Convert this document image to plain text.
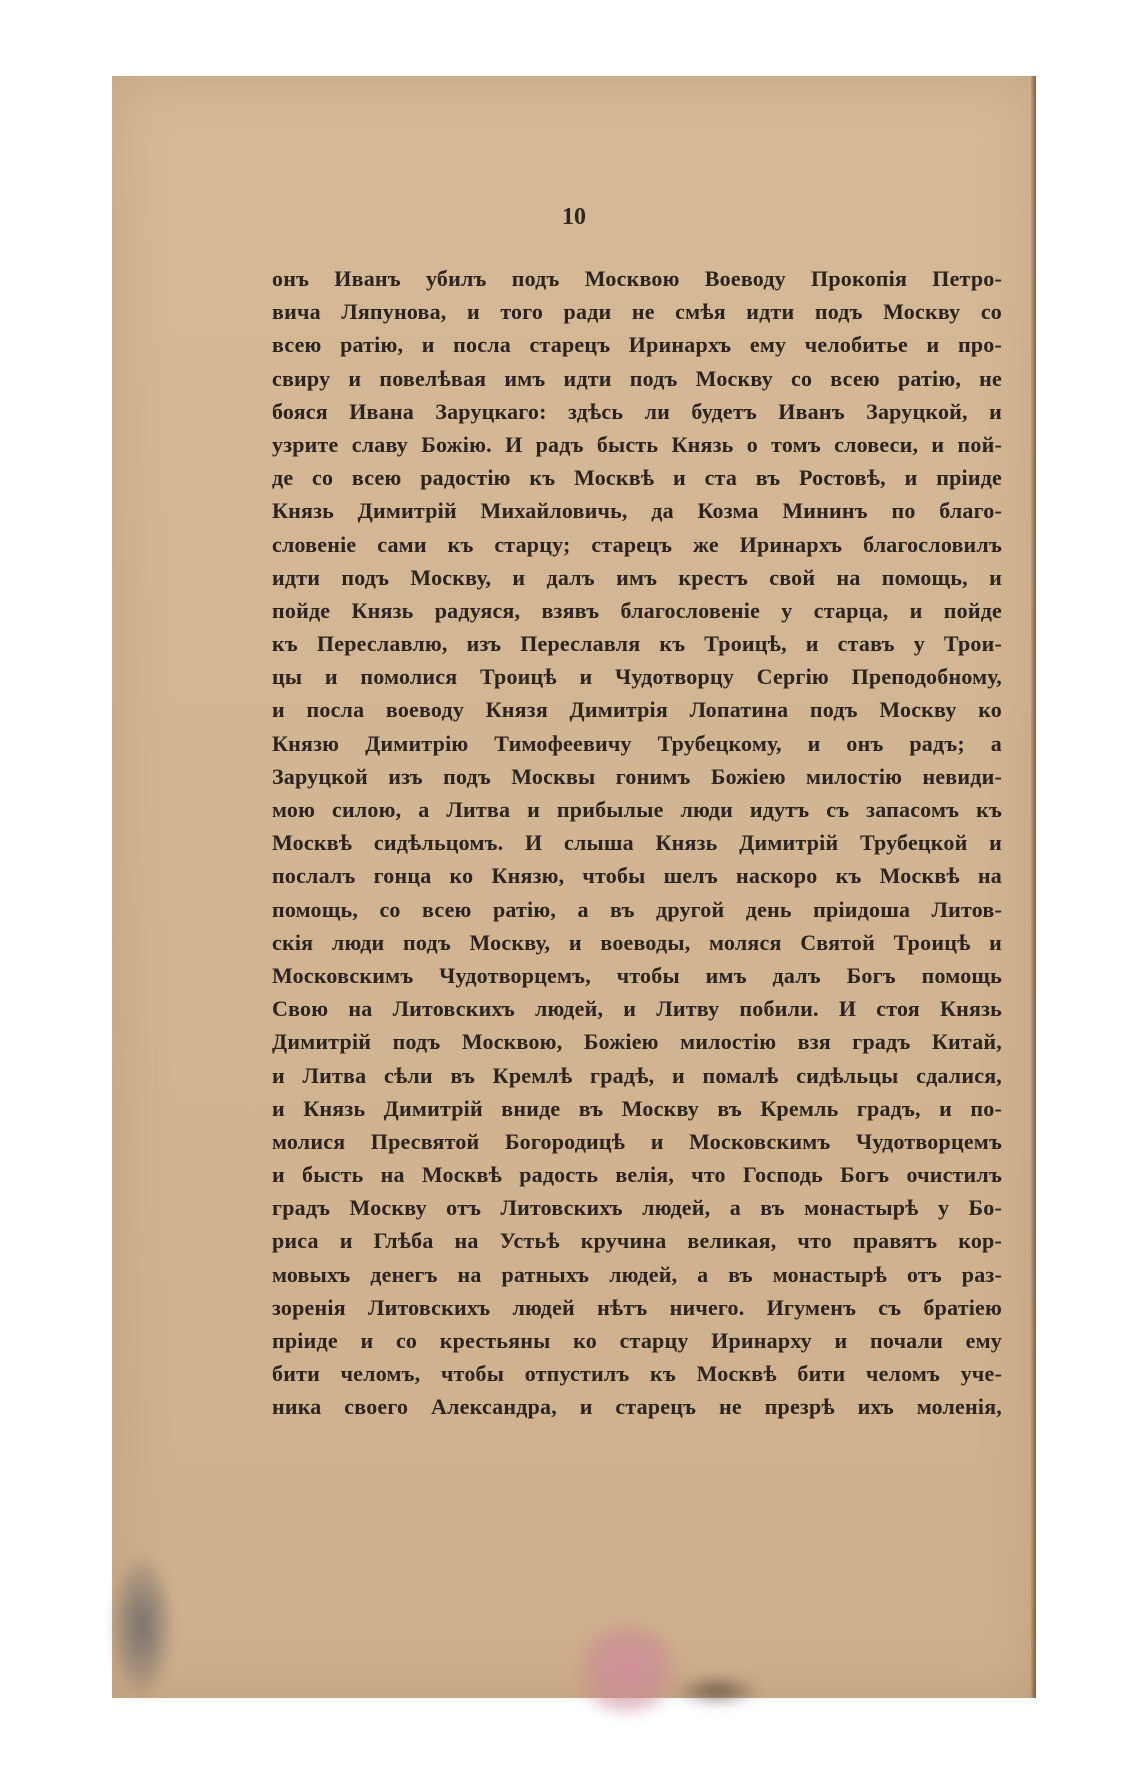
10
онъ Иванъ убилъ подъ Москвою Воеводу Прокопія Петро-
вича Ляпунова, и того ради не смѣя идти подъ Москву со
всею ратію, и посла старецъ Иринархъ ему челобитье и про-
свиру и повелѣвая имъ идти подъ Москву со всею ратію, не
бояся Ивана Заруцкаго: здѣсь ли будетъ Иванъ Заруцкой, и
узрите славу Божію. И радъ бысть Князь о томъ словеси, и пой-
де со всею радостію къ Москвѣ и ста въ Ростовѣ, и пріиде
Князь Димитрій Михайловичь, да Козма Мининъ по благо-
словеніе сами къ старцу; старецъ же Иринархъ благословилъ
идти подъ Москву, и далъ имъ крестъ свой на помощь, и
пойде Князь радуяся, взявъ благословеніе у старца, и пойде
къ Переславлю, изъ Переславля къ Троицѣ, и ставъ у Трои-
цы и помолися Троицѣ и Чудотворцу Сергію Преподобному,
и посла воеводу Князя Димитрія Лопатина подъ Москву ко
Князю Димитрію Тимофеевичу Трубецкому, и онъ радъ; а
Заруцкой изъ подъ Москвы гонимъ Божіею милостію невиди-
мою силою, а Литва и прибылые люди идутъ съ запасомъ къ
Москвѣ сидѣльцомъ. И слыша Князь Димитрій Трубецкой и
послалъ гонца ко Князю, чтобы шелъ наскоро къ Москвѣ на
помощь, со всею ратію, а въ другой день пріидоша Литов-
скія люди подъ Москву, и воеводы, моляся Святой Троицѣ и
Московскимъ Чудотворцемъ, чтобы имъ далъ Богъ помощь
Свою на Литовскихъ людей, и Литву побили. И стоя Князь
Димитрій подъ Москвою, Божіею милостію взя градъ Китай,
и Литва сѣли въ Кремлѣ градѣ, и помалѣ сидѣльцы сдалися,
и Князь Димитрій вниде въ Москву въ Кремль градъ, и по-
молися Пресвятой Богородицѣ и Московскимъ Чудотворцемъ
и бысть на Москвѣ радость велія, что Господь Богъ очистилъ
градъ Москву отъ Литовскихъ людей, а въ монастырѣ у Бо-
риса и Глѣба на Устьѣ кручина великая, что правятъ кор-
мовыхъ денегъ на ратныхъ людей, а въ монастырѣ отъ раз-
зоренія Литовскихъ людей нѣтъ ничего. Игуменъ съ братіею
пріиде и со крестьяны ко старцу Иринарху и почали ему
бити челомъ, чтобы отпустилъ къ Москвѣ бити челомъ уче-
ника своего Александра, и старецъ не презрѣ ихъ моленія,
